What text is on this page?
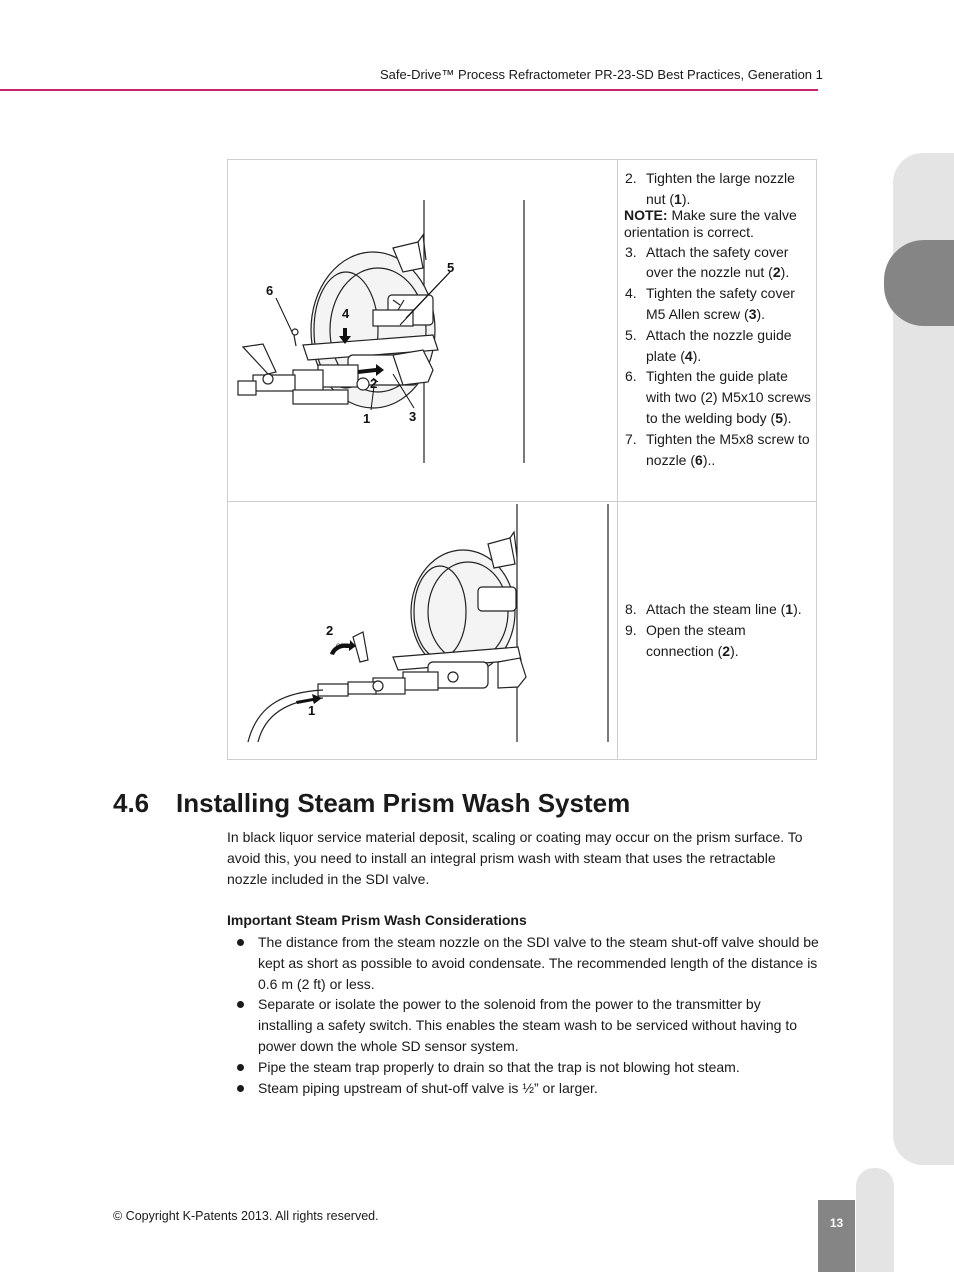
Safe-Drive™ Process Refractometer PR-23-SD Best Practices, Generation 1
13
6
4
5
2
1	3
2. Tighten the large nozzle nut (1).
NOTE: Make sure the valve orientation is correct.
3. Attach the safety cover over the nozzle nut (2).
4. Tighten the safety cover M5 Allen screw (3).
5. Attach the nozzle guide plate (4).
6. Tighten the guide plate with two (2) M5x10 screws to the welding body (5).
7. Tighten the M5x8 screw to nozzle (6)..
2
OPEN
1
8. Attach the steam line (1).
9. Open the steam connection (2).
4.6 Installing Steam Prism Wash System
In black liquor service material deposit, scaling or coating may occur on the prism surface. To avoid this, you need to install an integral prism wash with steam that uses the retractable nozzle included in the SDI valve.
Important Steam Prism Wash Considerations
The distance from the steam nozzle on the SDI valve to the steam shut-off valve should be kept as short as possible to avoid condensate. The recommended length of the distance is 0.6 m (2 ft) or less.
Separate or isolate the power to the solenoid from the power to the transmitter by installing a safety switch. This enables the steam wash to be serviced without having to power down the whole SD sensor system.
Pipe the steam trap properly to drain so that the trap is not blowing hot steam.
Steam piping upstream of shut-off valve is ½” or larger.
© Copyright K-Patents 2013. All rights reserved.
